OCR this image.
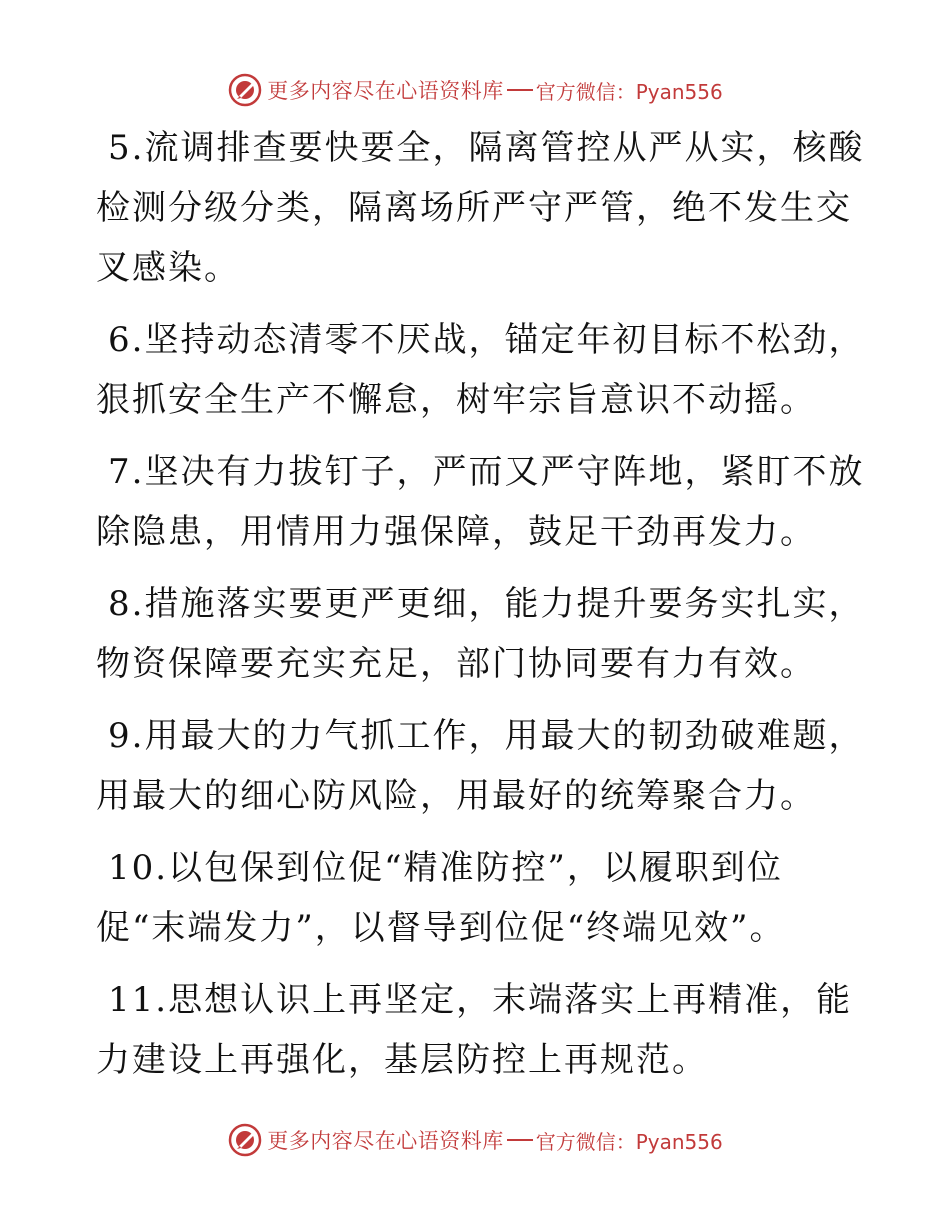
更多内容尽在心语资料库 官方微信：Pyan556

5.流调排查要快要全，隔离管控从严从实，核酸检测分级分类，隔离场所严守严管，绝不发生交叉感染。

6.坚持动态清零不厌战，锚定年初目标不松劲，狠抓安全生产不懈怠，树牢宗旨意识不动摇。

7.坚决有力拔钉子，严而又严守阵地，紧盯不放除隐患，用情用力强保障，鼓足干劲再发力。

8.措施落实要更严更细，能力提升要务实扎实，物资保障要充实充足，部门协同要有力有效。

9.用最大的力气抓工作，用最大的韧劲破难题，用最大的细心防风险，用最好的统筹聚合力。

10.以包保到位促“精准防控”，以履职到位促“末端发力”，以督导到位促“终端见效”。

11.思想认识上再坚定，末端落实上再精准，能力建设上再强化，基层防控上再规范。

更多内容尽在心语资料库 官方微信：Pyan556
